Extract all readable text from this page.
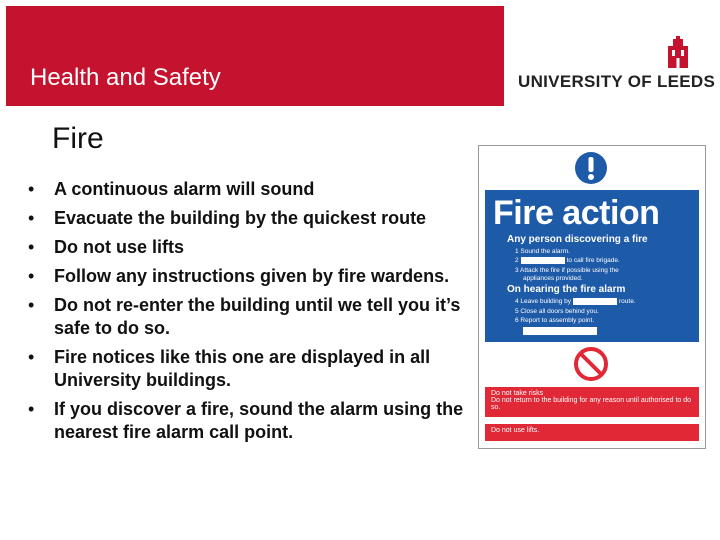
Health and Safety	UNIVERSITY OF LEEDS
Fire
• A continuous alarm will sound
• Evacuate the building by the quickest route
• Do not use lifts
• Follow any instructions given by fire wardens.
• Do not re-enter the building until we tell you it’s safe to do so.
• Fire notices like this one are displayed in all University buildings.
• If you discover a fire, sound the alarm using the nearest fire alarm call point.
Fire action
Any person discovering a fire
1 Sound the alarm.
2	to call fire brigade.
3 Attack the fire if possible using the
appliances provided.
On hearing the fire alarm
4 Leave building by	route.
5 Close all doors behind you.
6 Report to assembly point.
Do not take risks
Do not return to the building for any reason until authorised to do so.
Do not use lifts.
